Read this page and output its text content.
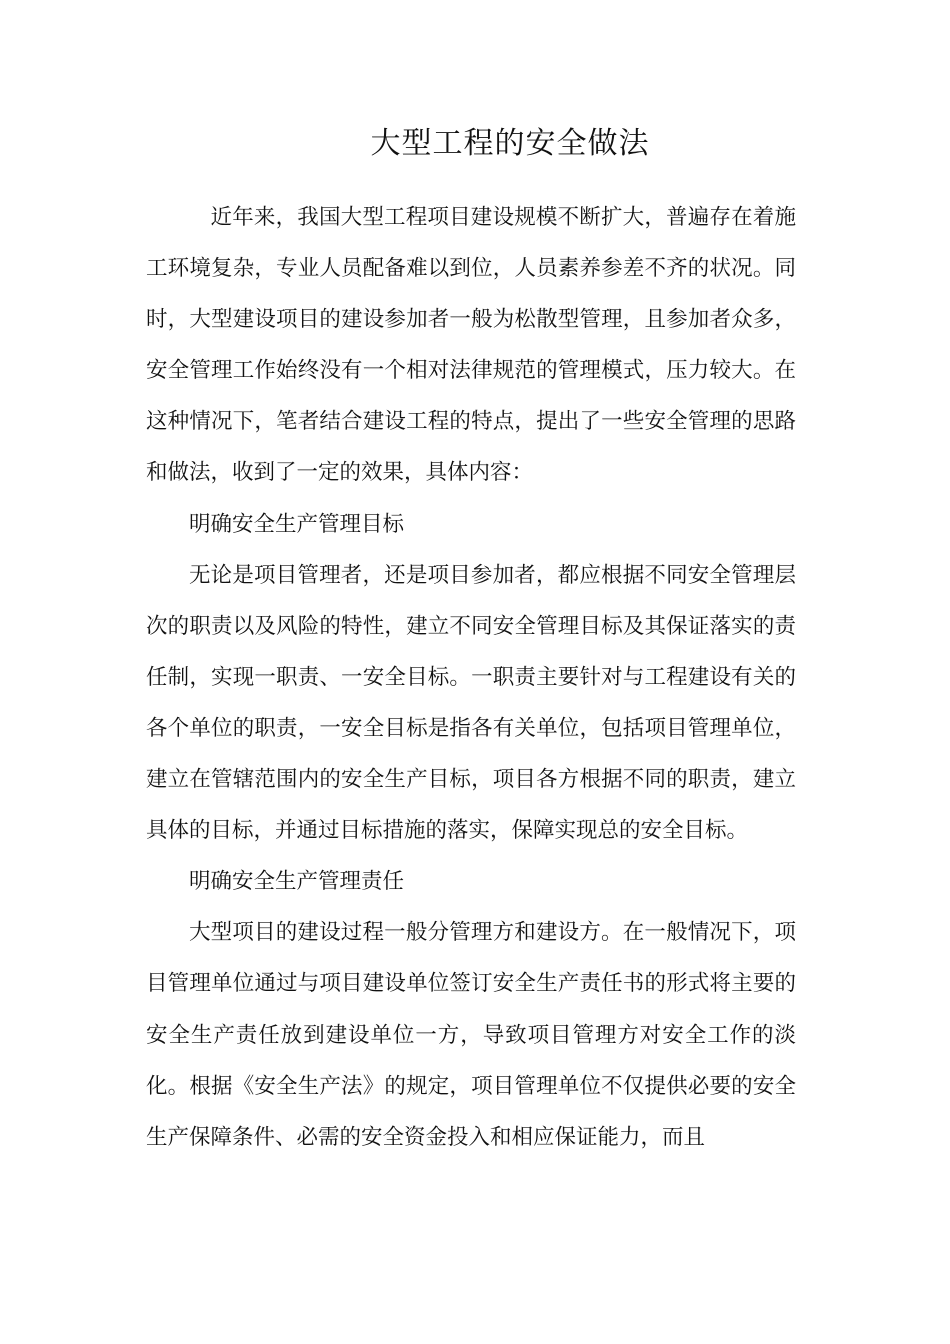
大型工程的安全做法

近年来，我国大型工程项目建设规模不断扩大，普遍存在着施工环境复杂，专业人员配备难以到位，人员素养参差不齐的状况。同时，大型建设项目的建设参加者一般为松散型管理，且参加者众多，安全管理工作始终没有一个相对法律规范的管理模式，压力较大。在这种情况下，笔者结合建设工程的特点，提出了一些安全管理的思路和做法，收到了一定的效果，具体内容：

明确安全生产管理目标

无论是项目管理者，还是项目参加者，都应根据不同安全管理层次的职责以及风险的特性，建立不同安全管理目标及其保证落实的责任制，实现一职责、一安全目标。一职责主要针对与工程建设有关的各个单位的职责，一安全目标是指各有关单位，包括项目管理单位，建立在管辖范围内的安全生产目标，项目各方根据不同的职责，建立具体的目标，并通过目标措施的落实，保障实现总的安全目标。

明确安全生产管理责任

大型项目的建设过程一般分管理方和建设方。在一般情况下，项目管理单位通过与项目建设单位签订安全生产责任书的形式将主要的安全生产责任放到建设单位一方，导致项目管理方对安全工作的淡化。根据《安全生产法》的规定，项目管理单位不仅提供必要的安全生产保障条件、必需的安全资金投入和相应保证能力，而且
